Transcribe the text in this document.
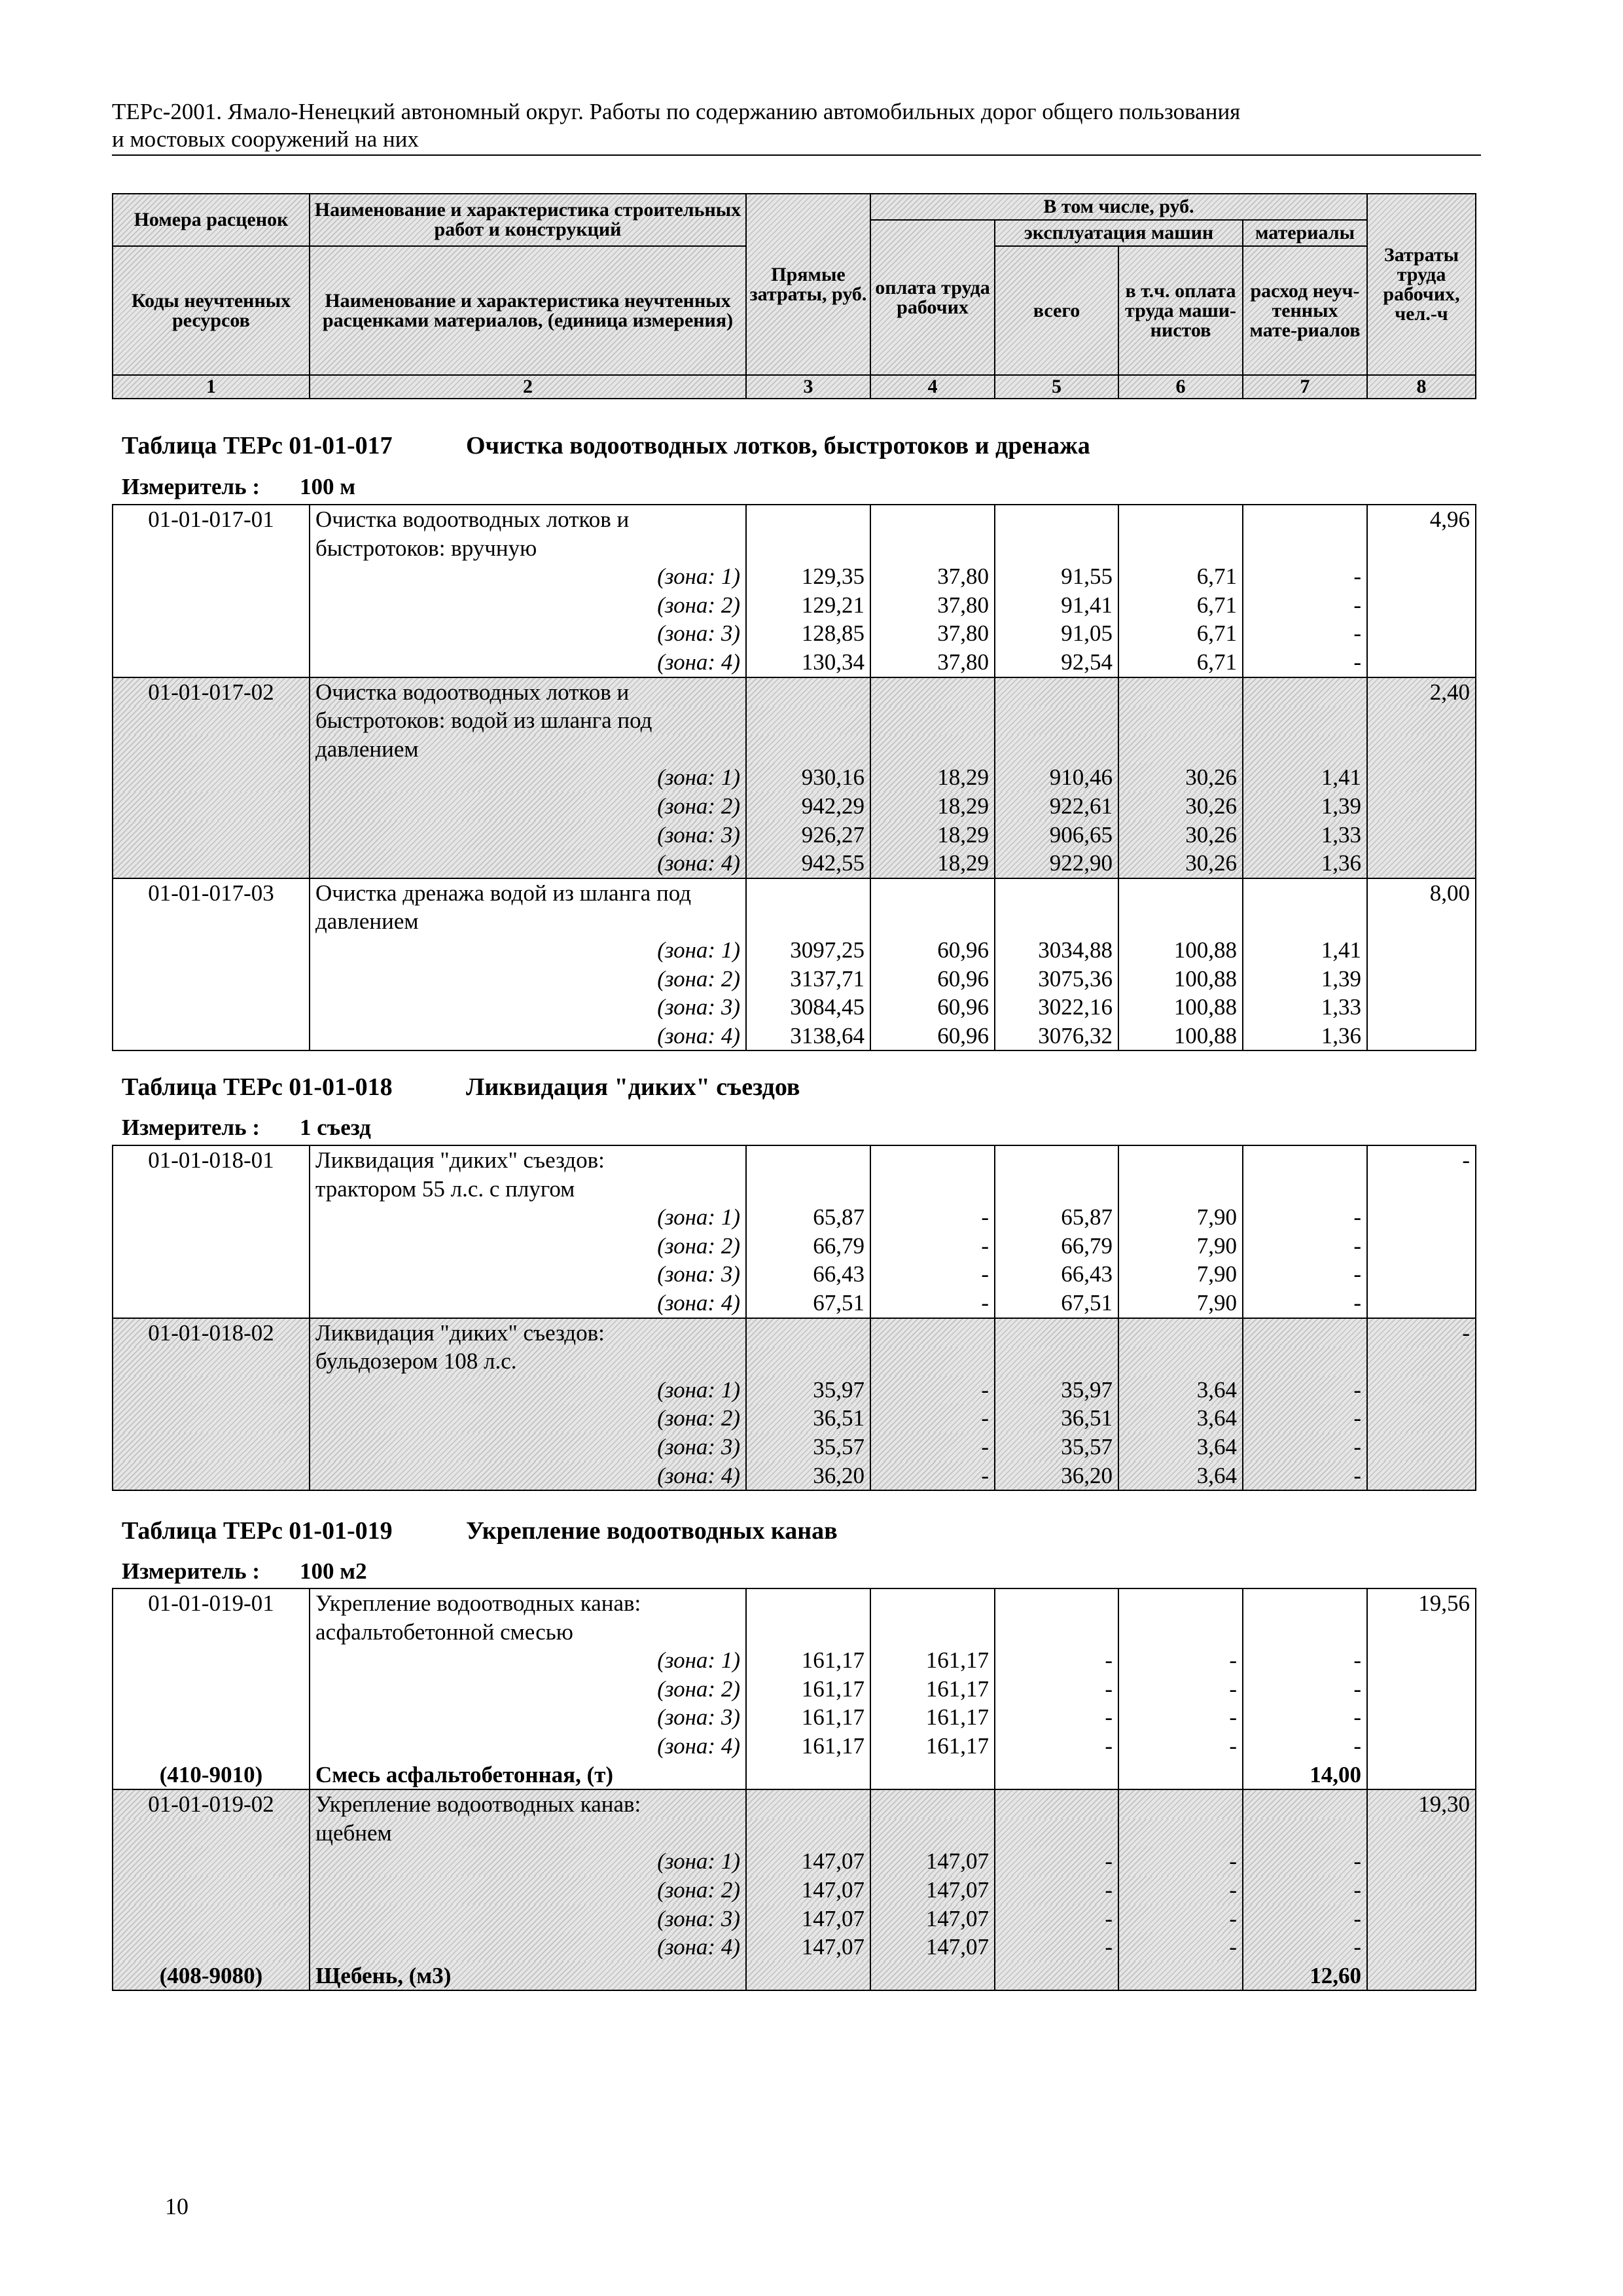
ТЕРс-2001. Ямало-Ненецкий автономный округ. Работы по содержанию автомобильных дорог общего пользования
и мостовых сооружений на них
Номера расценок	Наименование и характеристика строительных работ и конструкций	Прямые затраты, руб.	В том числе, руб.				Затраты труда рабочих, чел.-ч
			оплата труда рабочих	эксплуатация машин		материалы	
Коды неучтенных ресурсов	Наименование и характеристика неучтенных расценками материалов, (единица измерения)			всего	в т.ч. оплата труда маши-нистов	расход неуч-тенных мате-риалов	
1	2	3	4	5	6	7	8
Таблица ТЕРс 01-01-017	Очистка водоотводных лотков, быстротоков и дренажа
Измеритель : 100 м
01-01-017-01	Очистка водоотводных лотков и						4,96
	быстротоков: вручную						
	(зона: 1)	129,35	37,80	91,55	6,71	-	
	(зона: 2)	129,21	37,80	91,41	6,71	-	
	(зона: 3)	128,85	37,80	91,05	6,71	-	
	(зона: 4)	130,34	37,80	92,54	6,71	-	
01-01-017-02	Очистка водоотводных лотков и						2,40
	быстротоков: водой из шланга под						
	давлением						
	(зона: 1)	930,16	18,29	910,46	30,26	1,41	
	(зона: 2)	942,29	18,29	922,61	30,26	1,39	
	(зона: 3)	926,27	18,29	906,65	30,26	1,33	
	(зона: 4)	942,55	18,29	922,90	30,26	1,36	
01-01-017-03	Очистка дренажа водой из шланга под						8,00
	давлением						
	(зона: 1)	3097,25	60,96	3034,88	100,88	1,41	
	(зона: 2)	3137,71	60,96	3075,36	100,88	1,39	
	(зона: 3)	3084,45	60,96	3022,16	100,88	1,33	
	(зона: 4)	3138,64	60,96	3076,32	100,88	1,36	
Таблица ТЕРс 01-01-018	Ликвидация "диких" съездов
Измеритель : 1 съезд
01-01-018-01	Ликвидация "диких" съездов:						-
	трактором 55 л.с. с плугом						
	(зона: 1)	65,87	-	65,87	7,90	-	
	(зона: 2)	66,79	-	66,79	7,90	-	
	(зона: 3)	66,43	-	66,43	7,90	-	
	(зона: 4)	67,51	-	67,51	7,90	-	
01-01-018-02	Ликвидация "диких" съездов:						-
	бульдозером 108 л.с.						
	(зона: 1)	35,97	-	35,97	3,64	-	
	(зона: 2)	36,51	-	36,51	3,64	-	
	(зона: 3)	35,57	-	35,57	3,64	-	
	(зона: 4)	36,20	-	36,20	3,64	-	
Таблица ТЕРс 01-01-019	Укрепление водоотводных канав
Измеритель : 100 м2
01-01-019-01	Укрепление водоотводных канав:						19,56
	асфальтобетонной смесью						
	(зона: 1)	161,17	161,17	-	-	-	
	(зона: 2)	161,17	161,17	-	-	-	
	(зона: 3)	161,17	161,17	-	-	-	
	(зона: 4)	161,17	161,17	-	-	-	
(410-9010)	Смесь асфальтобетонная, (т)					14,00	
01-01-019-02	Укрепление водоотводных канав:						19,30
	щебнем						
	(зона: 1)	147,07	147,07	-	-	-	
	(зона: 2)	147,07	147,07	-	-	-	
	(зона: 3)	147,07	147,07	-	-	-	
	(зона: 4)	147,07	147,07	-	-	-	
(408-9080)	Щебень, (м3)					12,60	
10
